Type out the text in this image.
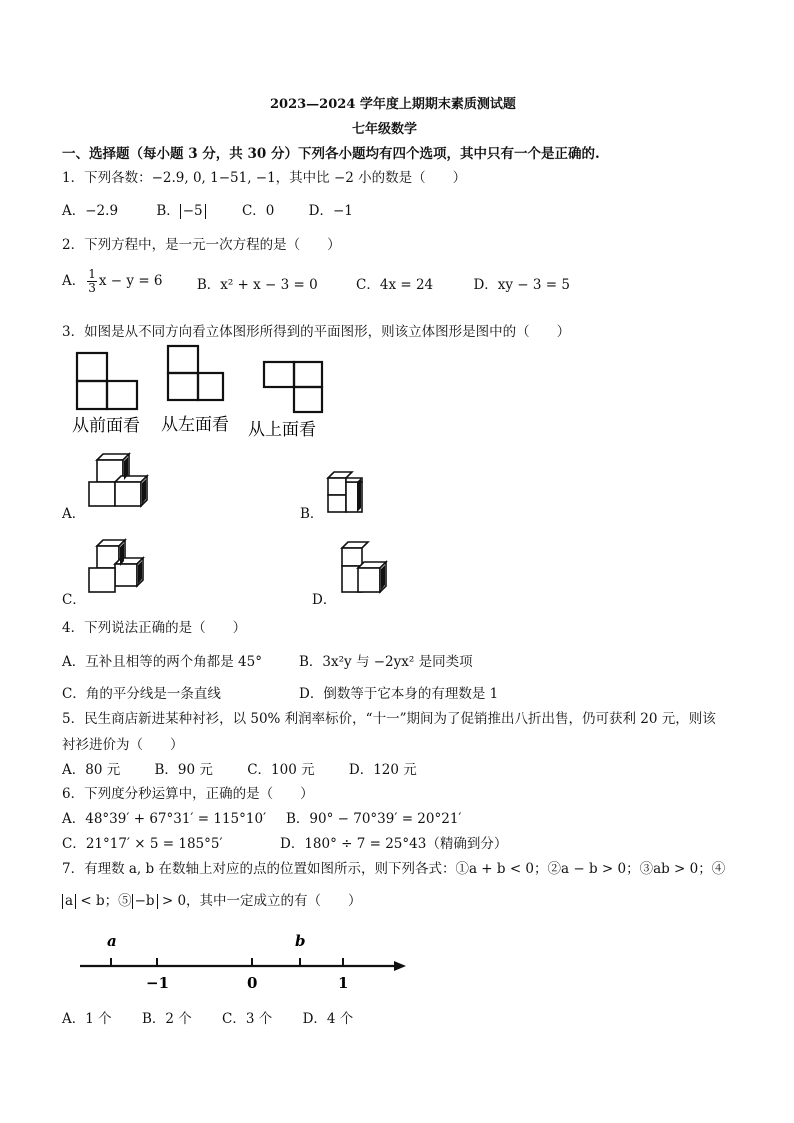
2023—2024 学年度上期期末素质测试题
七年级数学
一、选择题（每小题 3 分，共 30 分）下列各小题均有四个选项，其中只有一个是正确的.
1．下列各数：−2.9, 0, 1−51, −1，其中比 −2 小的数是（　　）
A．−2.9	B． −5	C．0	D．−1
2．下列方程中，是一元一次方程的是（　　）
A． $\frac{1}{3}$ x − y = 6	B．x² + x − 3 = 0	C．4x = 24	D．xy − 3 = 5
3．如图是从不同方向看立体图形所得到的平面图形，则该立体图形是图中的（　　）
从前面看 从左面看 从上面看
A．	B．
C．	D．
4．下列说法正确的是（　　）
A．互补且相等的两个角都是 45°	B．3x²y 与 −2yx² 是同类项
C．角的平分线是一条直线	D．倒数等于它本身的有理数是 1
5．民生商店新进某种衬衫，以 50% 利润率标价，“十一”期间为了促销推出八折出售，仍可获利 20 元，则该
衬衫进价为（　　）
A．80 元	B．90 元	C．100 元	D．120 元
6．下列度分秒运算中，正确的是（　　）
A．48°39′ + 67°31′ = 115°10′ B．90° − 70°39′ = 20°21′
C．21°17′ × 5 = 185°5′	D．180° ÷ 7 = 25°43（精确到分）
7．有理数 a, b 在数轴上对应的点的位置如图所示，则下列各式：①a + b < 0；②a − b > 0；③ab > 0；④
a < b；⑤ −b > 0，其中一定成立的有（　　）
a	b
−1	0	1
A．1 个 B．2 个 C．3 个 D．4 个
